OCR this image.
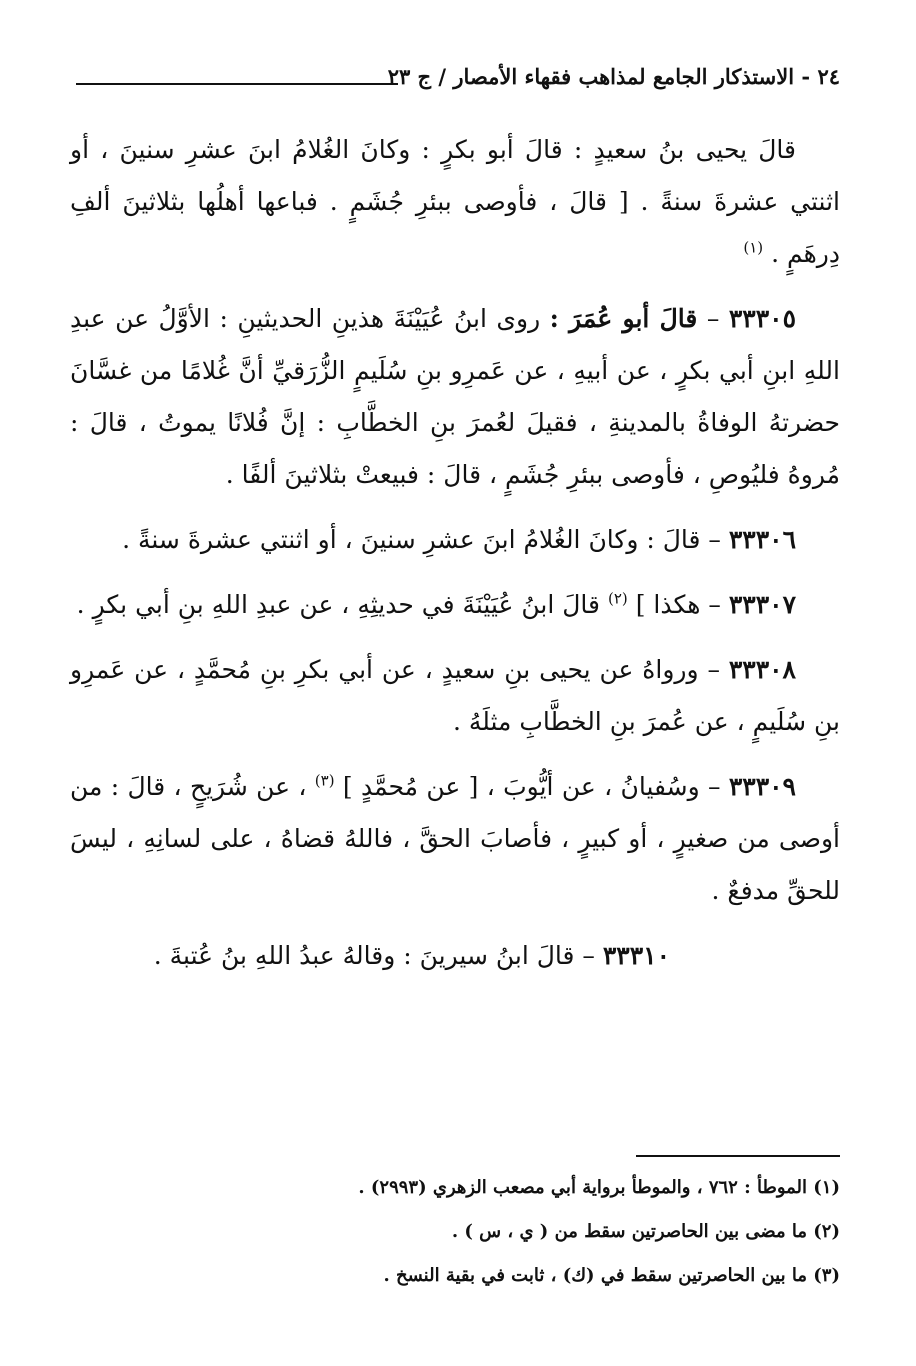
٢٤ - الاستذكار الجامع لمذاهب فقهاء الأمصار / ج ٢٣

قالَ يحيى بنُ سعيدٍ : قالَ أبو بكرٍ : وكانَ الغُلامُ ابنَ عشرِ سنينَ ، أو اثنتي عشرةَ سنةً . [ قالَ ، فأوصى ببئرِ جُشَمٍ . فباعها أهلُها بثلاثينَ ألفِ دِرهَمٍ . $^{(١)}$

٣٣٣٠٥ – قالَ أبو عُمَرَ : روى ابنُ عُيَيْنَةَ هذينِ الحديثينِ : الأوَّلُ عن عبدِ اللهِ ابنِ أبي بكرٍ ، عن أبيهِ ، عن عَمرِو بنِ سُلَيمٍ الزُّرَقيِّ أنَّ غُلامًا من غسَّانَ حضرتهُ الوفاةُ بالمدينةِ ، فقيلَ لعُمرَ بنِ الخطَّابِ : إنَّ فُلانًا يموتُ ، قالَ : مُروهُ فليُوصِ ، فأوصى ببئرِ جُشَمٍ ، قالَ : فبيعتْ بثلاثينَ ألفًا .

٣٣٣٠٦ – قالَ : وكانَ الغُلامُ ابنَ عشرِ سنينَ ، أو اثنتي عشرةَ سنةً .

٣٣٣٠٧ – هكذا ] $^{(٢)}$ قالَ ابنُ عُيَيْنَةَ في حديثِهِ ، عن عبدِ اللهِ بنِ أبي بكرٍ .

٣٣٣٠٨ – ورواهُ عن يحيى بنِ سعيدٍ ، عن أبي بكرِ بنِ مُحمَّدٍ ، عن عَمرِو بنِ سُلَيمٍ ، عن عُمرَ بنِ الخطَّابِ مثلَهُ .

٣٣٣٠٩ – وسُفيانُ ، عن أيُّوبَ ، [ عن مُحمَّدٍ ] $^{(٣)}$ ، عن شُرَيحٍ ، قالَ : من أوصى من صغيرٍ ، أو كبيرٍ ، فأصابَ الحقَّ ، فاللهُ قضاهُ ، على لسانِهِ ، ليسَ للحقِّ مدفعٌ .

٣٣٣١٠ – قالَ ابنُ سيرينَ : وقالهُ عبدُ اللهِ بنُ عُتبةَ .

(١) الموطأ : ٧٦٢ ، والموطأ برواية أبي مصعب الزهري (٢٩٩٣) .

(٢) ما مضى بين الحاصرتين سقط من ( ي ، س ) .

(٣) ما بين الحاصرتين سقط في (ك) ، ثابت في بقية النسخ .
